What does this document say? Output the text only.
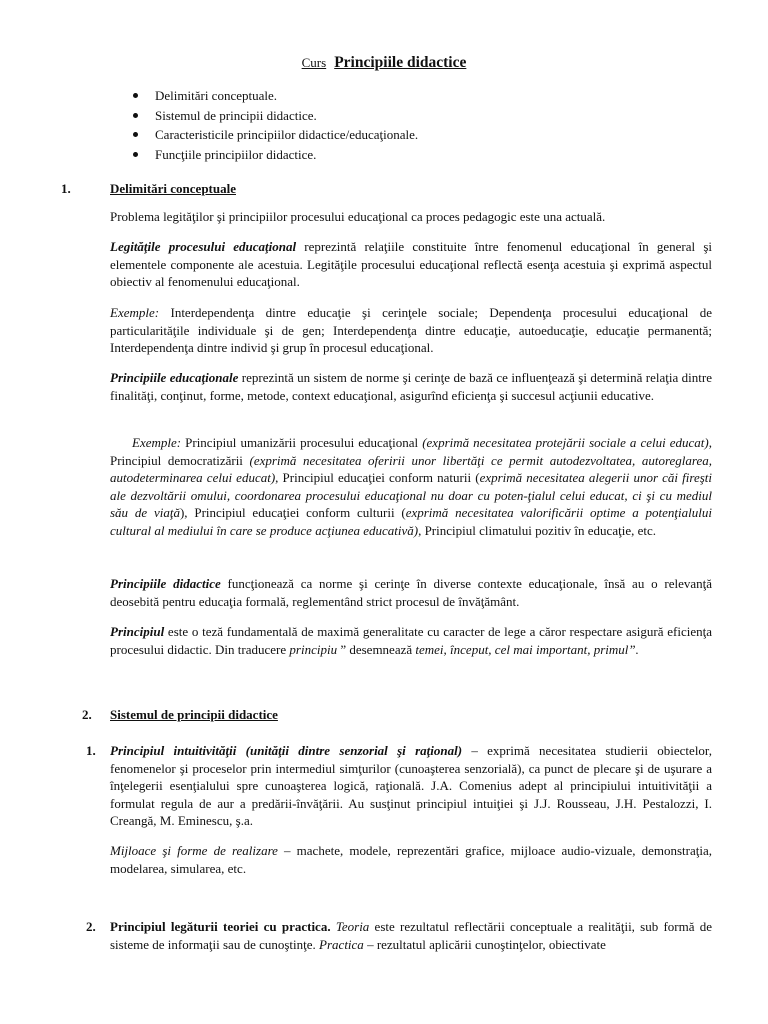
Curs Principiile didactice
Delimitări conceptuale.
Sistemul de principii didactice.
Caracteristicile principiilor didactice/educaţionale.
Funcţiile principiilor didactice.
1.	Delimitări conceptuale

Problema legităţilor şi principiilor procesului educaţional ca proces pedagogic este una actuală.

Legităţile procesului educaţional reprezintă relaţiile constituite între fenomenul educaţional în general şi elementele componente ale acestuia. Legităţile procesului educaţional reflectă esenţa acestuia şi exprimă aspectul obiectiv al fenomenului educaţional.

Exemple: Interdependenţa dintre educaţie şi cerinţele sociale; Dependenţa procesului educaţional de particularităţile individuale şi de gen; Interdependenţa dintre educaţie, autoeducaţie, educaţie permanentă; Interdependenţa dintre individ şi grup în procesul educaţional.

Principiile educaţionale reprezintă un sistem de norme şi cerinţe de bază ce influenţează şi determină relaţia dintre finalităţi, conţinut, forme, metode, context educaţional, asigurînd eficienţa şi succesul acţiunii educative.

Exemple: Principiul umanizării procesului educaţional (exprimă necesitatea protejării sociale a celui educat), Principiul democratizării (exprimă necesitatea oferirii unor libertăţi ce permit autodezvoltatea, autoreglarea, autodeterminarea celui educat), Principiul educaţiei conform naturii (exprimă necesitatea alegerii unor căi fireşti ale dezvoltării omului, coordonarea procesului educaţional nu doar cu poten-ţialul celui educat, ci şi cu mediul său de viaţă), Principiul educaţiei conform culturii (exprimă necesitatea valorificării optime a potenţialului cultural al mediului în care se produce acţiunea educativă), Principiul climatului pozitiv în educaţie, etc.

Principiile didactice funcţionează ca norme şi cerinţe în diverse contexte educaţionale, însă au o relevanţă deosebită pentru educaţia formală, reglementând strict procesul de învăţământ.

Principiul este o teză fundamentală de maximă generalitate cu caracter de lege a căror respectare asigură eficienţa procesului didactic. Din traducere principiu ” desemnează temei, început, cel mai important, primul”.

2. Sistemul de principii didactice
1. Principiul intuitivităţii (unităţii dintre senzorial şi raţional) – exprimă necesitatea studierii obiectelor, fenomenelor şi proceselor prin intermediul simţurilor (cunoaşterea senzorială), ca punct de plecare şi de uşurare a înţelegerii esenţialului spre cunoaşterea logică, raţională. J.A. Comenius adept al principiului intuitivităţii a formulat regula de aur a predării-învăţării. Au susţinut principiul intuiţiei şi J.J. Rousseau, J.H. Pestalozzi, I. Creangă, M. Eminescu, ş.a.

Mijloace şi forme de realizare – machete, modele, reprezentări grafice, mijloace audio-vizuale, demonstraţia, modelarea, simularea, etc.

2. Principiul legăturii teoriei cu practica. Teoria este rezultatul reflectării conceptuale a realităţii, sub formă de sisteme de informaţii sau de cunoştinţe. Practica – rezultatul aplicării cunoştinţelor, obiectivate
